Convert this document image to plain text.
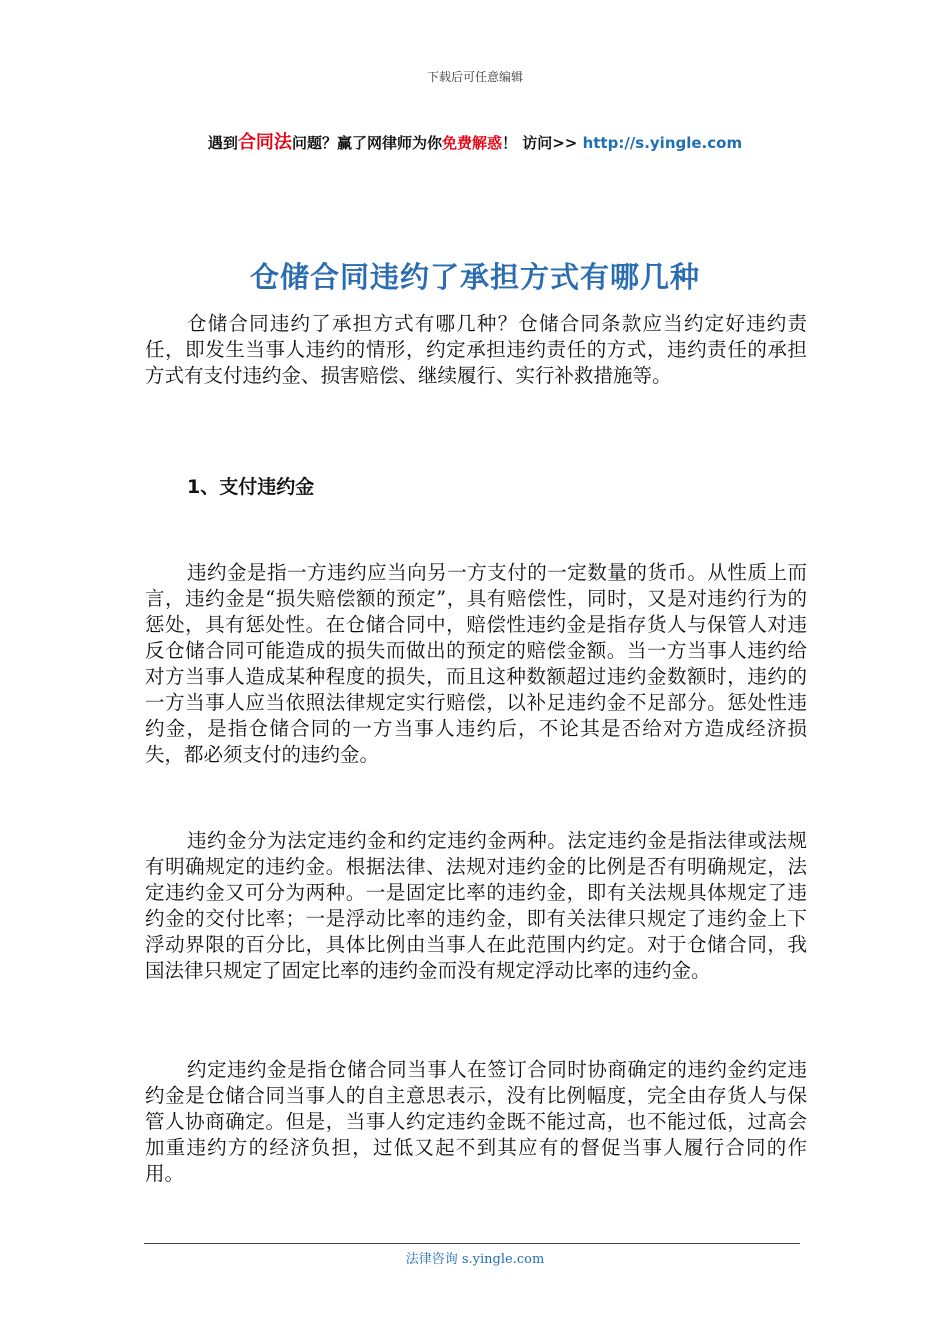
下载后可任意编辑
遇到合同法问题？赢了网律师为你免费解惑！ 访问>> http://s.yingle.com
仓储合同违约了承担方式有哪几种

仓储合同违约了承担方式有哪几种？仓储合同条款应当约定好违约责任，即发生当事人违约的情形，约定承担违约责任的方式，违约责任的承担方式有支付违约金、损害赔偿、继续履行、实行补救措施等。

1、支付违约金

违约金是指一方违约应当向另一方支付的一定数量的货币。从性质上而言，违约金是“损失赔偿额的预定”，具有赔偿性，同时，又是对违约行为的惩处，具有惩处性。在仓储合同中，赔偿性违约金是指存货人与保管人对违反仓储合同可能造成的损失而做出的预定的赔偿金额。当一方当事人违约给对方当事人造成某种程度的损失，而且这种数额超过违约金数额时，违约的一方当事人应当依照法律规定实行赔偿，以补足违约金不足部分。惩处性违约金，是指仓储合同的一方当事人违约后，不论其是否给对方造成经济损失，都必须支付的违约金。

违约金分为法定违约金和约定违约金两种。法定违约金是指法律或法规有明确规定的违约金。根据法律、法规对违约金的比例是否有明确规定，法定违约金又可分为两种。一是固定比率的违约金，即有关法规具体规定了违约金的交付比率；一是浮动比率的违约金，即有关法律只规定了违约金上下浮动界限的百分比，具体比例由当事人在此范围内约定。对于仓储合同，我国法律只规定了固定比率的违约金而没有规定浮动比率的违约金。

约定违约金是指仓储合同当事人在签订合同时协商确定的违约金约定违约金是仓储合同当事人的自主意思表示，没有比例幅度，完全由存货人与保管人协商确定。但是，当事人约定违约金既不能过高，也不能过低，过高会加重违约方的经济负担，过低又起不到其应有的督促当事人履行合同的作用。

法律咨询 s.yingle.com
